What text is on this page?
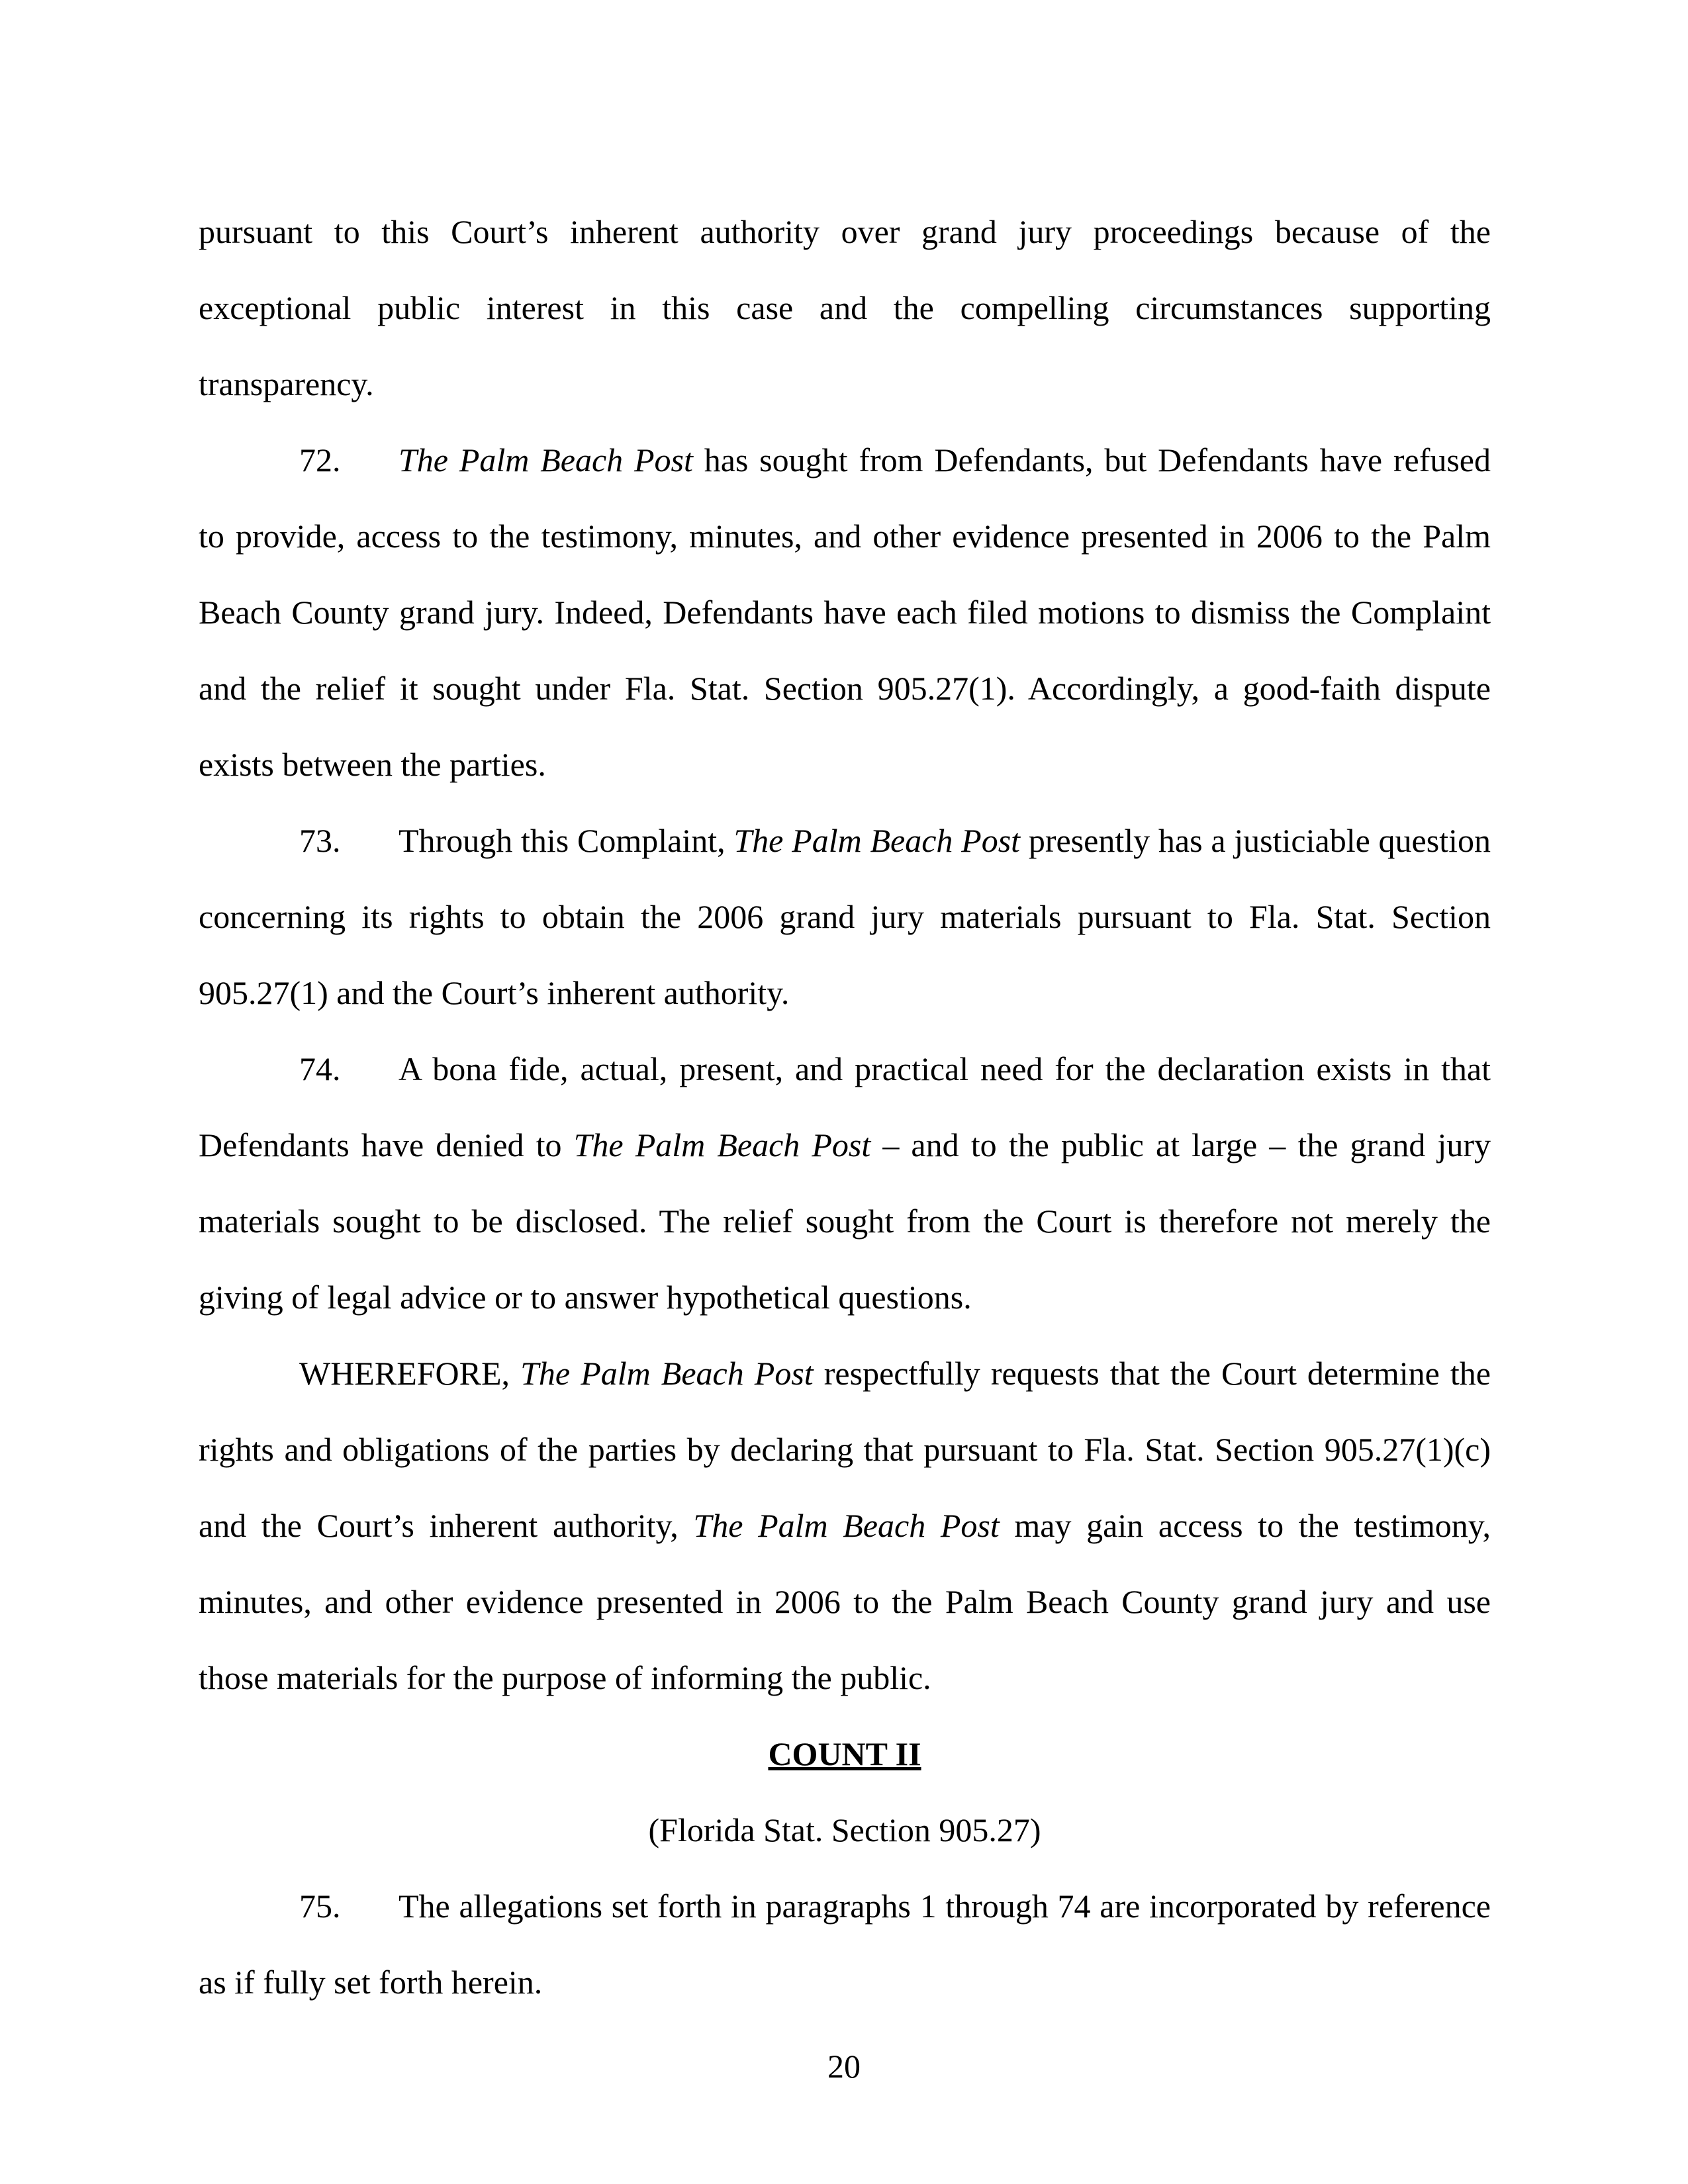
pursuant to this Court’s inherent authority over grand jury proceedings because of the exceptional public interest in this case and the compelling circumstances supporting transparency.

72. The Palm Beach Post has sought from Defendants, but Defendants have refused to provide, access to the testimony, minutes, and other evidence presented in 2006 to the Palm Beach County grand jury. Indeed, Defendants have each filed motions to dismiss the Complaint and the relief it sought under Fla. Stat. Section 905.27(1). Accordingly, a good-faith dispute exists between the parties.

73. Through this Complaint, The Palm Beach Post presently has a justiciable question concerning its rights to obtain the 2006 grand jury materials pursuant to Fla. Stat. Section 905.27(1) and the Court’s inherent authority.

74. A bona fide, actual, present, and practical need for the declaration exists in that Defendants have denied to The Palm Beach Post – and to the public at large – the grand jury materials sought to be disclosed. The relief sought from the Court is therefore not merely the giving of legal advice or to answer hypothetical questions.

WHEREFORE, The Palm Beach Post respectfully requests that the Court determine the rights and obligations of the parties by declaring that pursuant to Fla. Stat. Section 905.27(1)(c) and the Court’s inherent authority, The Palm Beach Post may gain access to the testimony, minutes, and other evidence presented in 2006 to the Palm Beach County grand jury and use those materials for the purpose of informing the public.

COUNT II

(Florida Stat. Section 905.27)

75. The allegations set forth in paragraphs 1 through 74 are incorporated by reference as if fully set forth herein.

20
